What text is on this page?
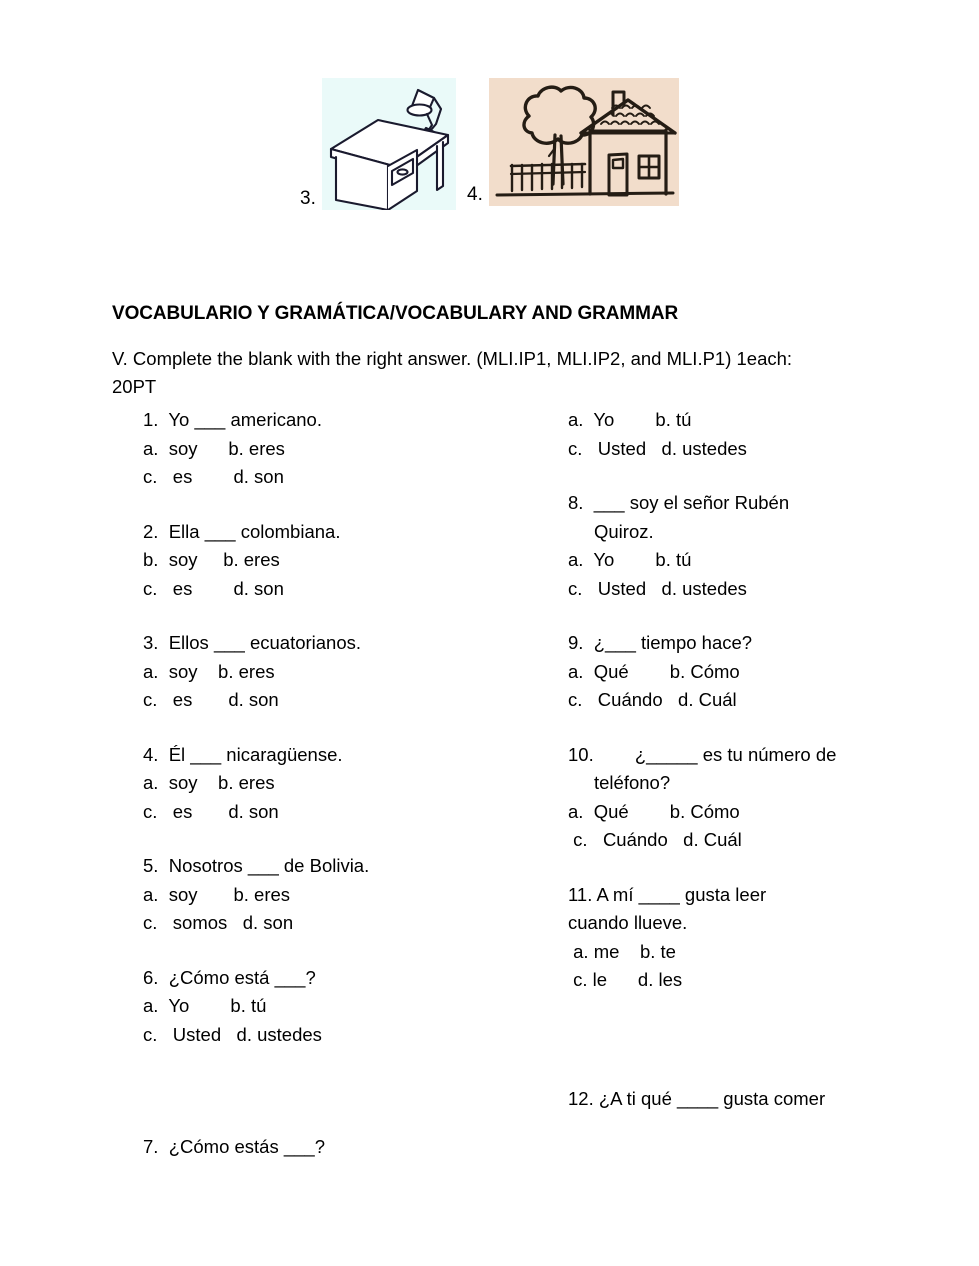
3.	4.
VOCABULARIO Y GRAMÁTICA/VOCABULARY AND GRAMMAR
V. Complete the blank with the right answer. (MLI.IP1, MLI.IP2, and MLI.P1) 1each: 20PT
1.  Yo ___ americano.
a.  soy      b. eres
c.   es        d. son
2.  Ella ___ colombiana.
b.  soy     b. eres
c.   es        d. son
3.  Ellos ___ ecuatorianos.
a.  soy    b. eres
c.   es       d. son
4.  Él ___ nicaragüense.
a.  soy    b. eres
c.   es       d. son
5.  Nosotros ___ de Bolivia.
a.  soy       b. eres
c.   somos   d. son
6.  ¿Cómo está ___?
a.  Yo        b. tú
c.   Usted   d. ustedes
7.  ¿Cómo estás ___?
a.  Yo        b. tú
c.   Usted   d. ustedes
8.  ___ soy el señor Rubén
Quiroz.
a.  Yo        b. tú
c.   Usted   d. ustedes
9.  ¿___ tiempo hace?
a.  Qué        b. Cómo
c.   Cuándo   d. Cuál
10.        ¿_____ es tu número de
teléfono?
a.  Qué        b. Cómo
c.   Cuándo   d. Cuál
11. A mí ____ gusta leer
cuando llueve.
a. me    b. te
c. le      d. les
12. ¿A ti qué ____ gusta comer
